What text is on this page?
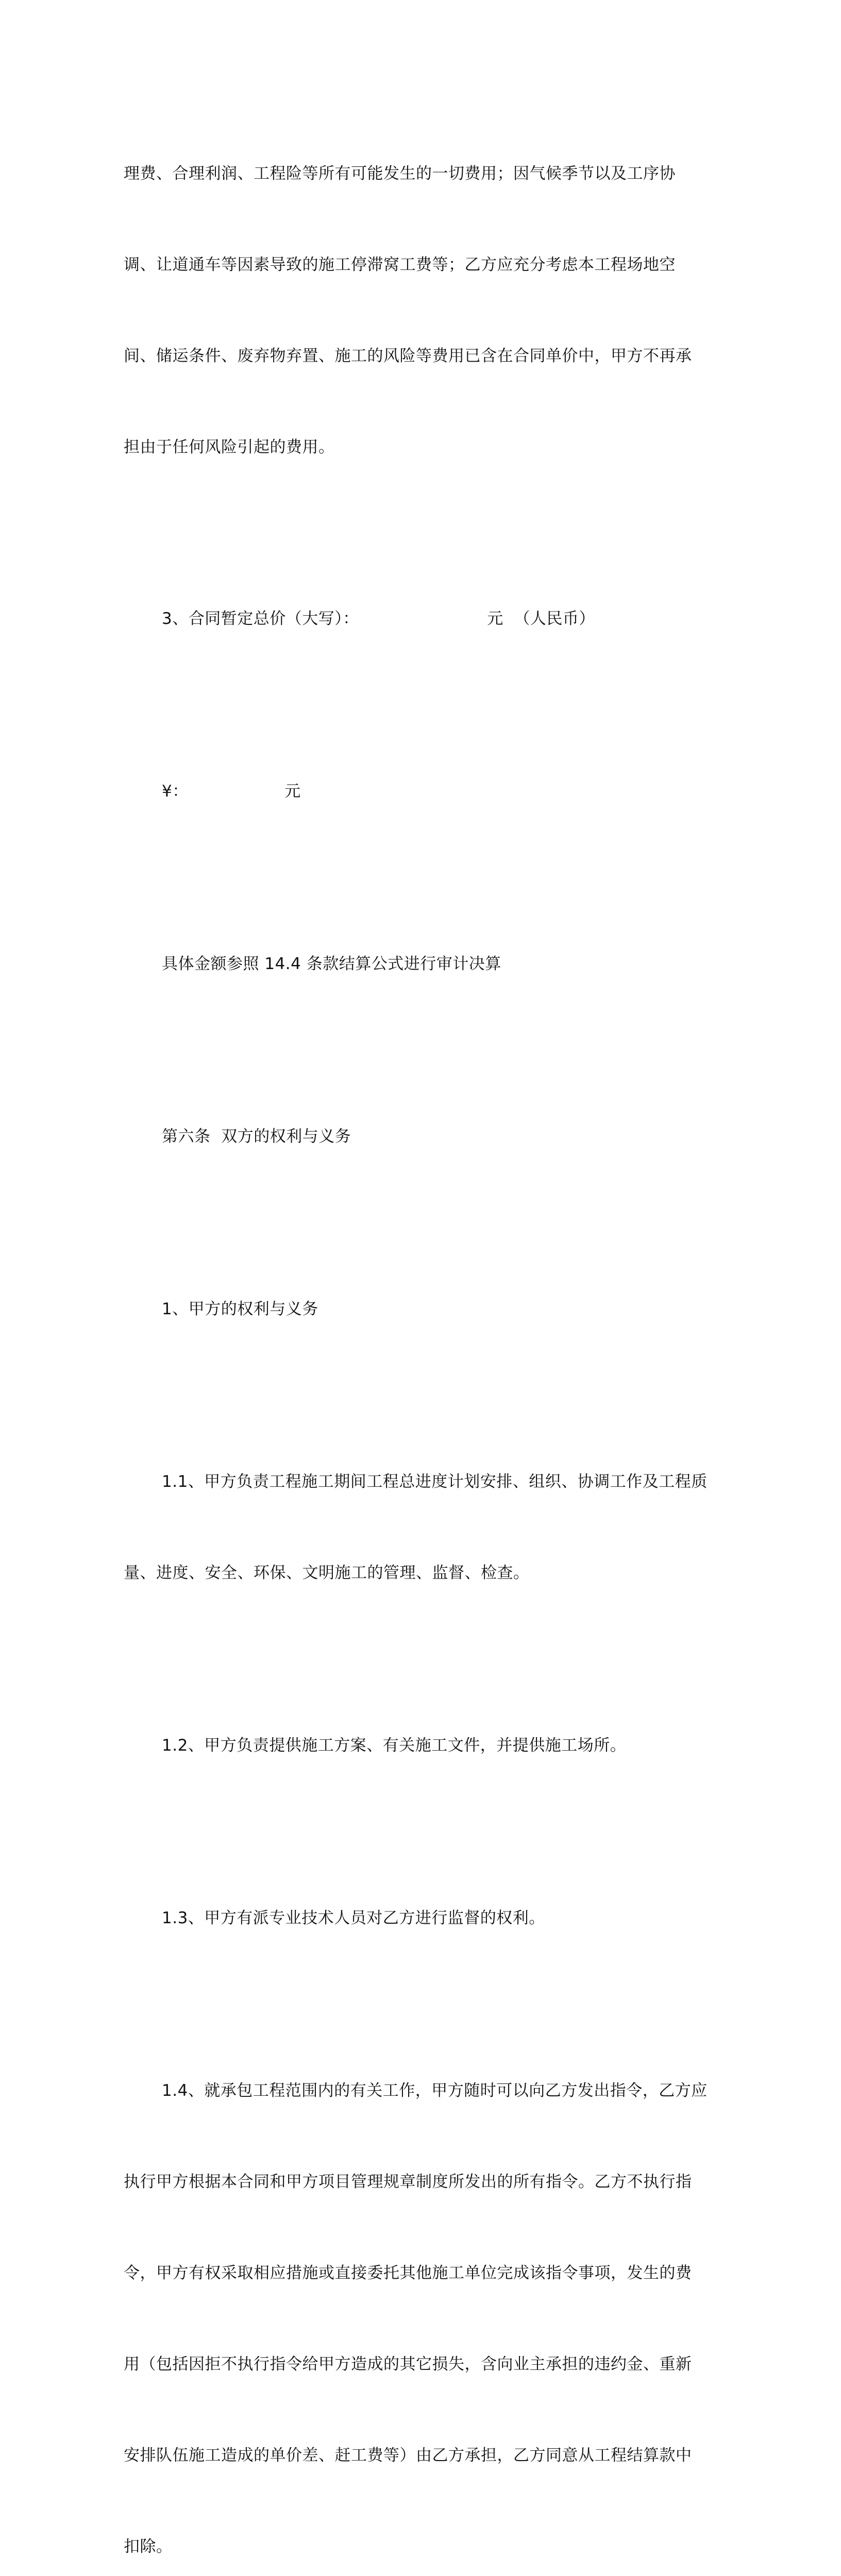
理费、合理利润、工程险等所有可能发生的一切费用；因气候季节以及工序协

调、让道通车等因素导致的施工停滞窝工费等；乙方应充分考虑本工程场地空

间、储运条件、废弃物弃置、施工的风险等费用已含在合同单价中，甲方不再承

担由于任何风险引起的费用。

3、合同暂定总价（大写）：                        元  （人民币）

¥：                  元

具体金额参照 14.4 条款结算公式进行审计决算

第六条  双方的权利与义务

1、甲方的权利与义务

1.1、甲方负责工程施工期间工程总进度计划安排、组织、协调工作及工程质

量、进度、安全、环保、文明施工的管理、监督、检查。

1.2、甲方负责提供施工方案、有关施工文件，并提供施工场所。

1.3、甲方有派专业技术人员对乙方进行监督的权利。

1.4、就承包工程范围内的有关工作，甲方随时可以向乙方发出指令，乙方应

执行甲方根据本合同和甲方项目管理规章制度所发出的所有指令。乙方不执行指

令，甲方有权采取相应措施或直接委托其他施工单位完成该指令事项，发生的费

用（包括因拒不执行指令给甲方造成的其它损失，含向业主承担的违约金、重新

安排队伍施工造成的单价差、赶工费等）由乙方承担，乙方同意从工程结算款中

扣除。
